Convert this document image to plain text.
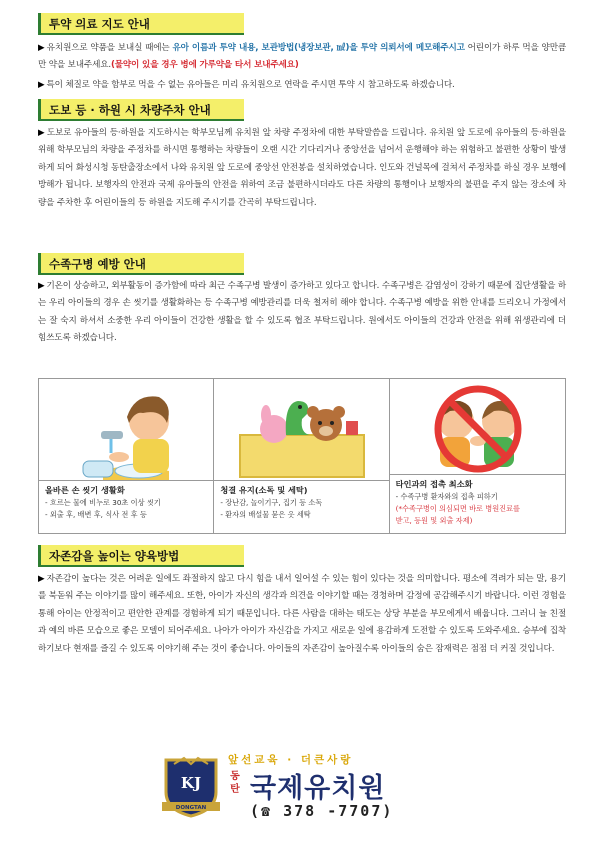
투약 의료 지도 안내
▶ 유치원으로 약품을 보내실 때에는 유아 이름과 투약 내용, 보관방법(냉장보관, ㎖)을 투약 의뢰서에 메모해주시고 어린이가 하루 먹을 양만큼만 약을 보내주세요.(물약이 있을 경우 병에 가루약을 타서 보내주세요)
▶ 특이 체질로 약을 함부로 먹을 수 없는 유아들은 미리 유치원으로 연락을 주시면 투약 시 참고하도록 하겠습니다.
도보 등 · 하원 시 차량주차 안내
▶ 도보로 유아들의 등·하원을 지도하시는 학부모님께 유치원 앞 차량 주정차에 대한 부탁말씀을 드립니다. 유치원 앞 도로에 유아들의 등·하원을 위해 학부모님의 차량을 주정차를 하시면 통행하는 차량들이 오랜 시간 기다리거나 중앙선을 넘어서 운행해야 하는 위험하고 불편한 상황이 발생 하게 되어 화성시청 동탄출장소에서 나와 유치원 앞 도로에 중앙선 안전봉을 설치하였습니다. 인도와 건널목에 걸쳐서 주정차를 하실 경우 보행에 방해가 됩니다. 보행자의 안전과 국제 유아들의 안전을 위하여 조금 불편하시더라도 다른 차량의 통행이나 보행자의 불편을 주지 않는 장소에 차량을 주차한 후 어린이들의 등 하원을 지도해 주시기를 간곡히 부탁드립니다.
수족구병 예방 안내
▶ 기온이 상승하고, 외부활동이 증가함에 따라 최근 수족구병 발생이 증가하고 있다고 합니다. 수족구병은 감염성이 강하기 때문에 집단생활을 하는 우리 아이들의 경우 손 씻기를 생활화하는 등 수족구병 예방관리를 더욱 철저히 해야 합니다. 수족구병 예방을 위한 안내를 드리오니 가정에서는 잘 숙지 하셔서 소중한 우리 아이들이 건강한 생활을 할 수 있도록 협조 부탁드립니다. 원에서도 아이들의 건강과 안전을 위해 위생관리에 더 힘쓰도록 하겠습니다.
올바른 손 씻기 생활화
- 흐르는 물에 비누로 30초 이상 씻기
- 외출 후, 배변 후, 식사 전 후 등
청결 유지(소독 및 세탁)
- 장난감, 놀이기구, 집기 등 소독
- 환자의 배설물 묻은 옷 세탁
타인과의 접촉 최소화
- 수족구병 환자와의 접촉 피하기
(*수족구병이 의심되면 바로 병원진료를
받고, 등원 및 외출 자제)
자존감을 높이는 양육방법
▶ 자존감이 높다는 것은 어려운 일에도 좌절하지 않고 다시 힘을 내서 일어설 수 있는 힘이 있다는 것을 의미합니다. 평소에 격려가 되는 말, 용기를 북돋워 주는 이야기를 많이 해주세요. 또한, 아이가 자신의 생각과 의견을 이야기할 때는 경청하며 감정에 공감해주시기 바랍니다. 이런 경험을 통해 아이는 안정적이고 편안한 관계를 경험하게 되기 때문입니다. 다른 사람을 대하는 태도는 상당 부분을 부모에게서 배웁니다. 그러니 늘 친절과 예의 바른 모습으로 좋은 모델이 되어주세요. 나아가 아이가 자신감을 가지고 새로운 일에 용감하게 도전할 수 있도록 도와주세요. 승부에 집착하기보다 현재를 즐길 수 있도록 이야기해 주는 것이 좋습니다. 아이들의 자존감이 높아질수록 아이들의 숨은 잠재력은 점점 더 커질 것입니다.
KJ
DONGTAN
앞선교육 · 더큰사랑
동탄 국제유치원
(☎ 378 -7707)
